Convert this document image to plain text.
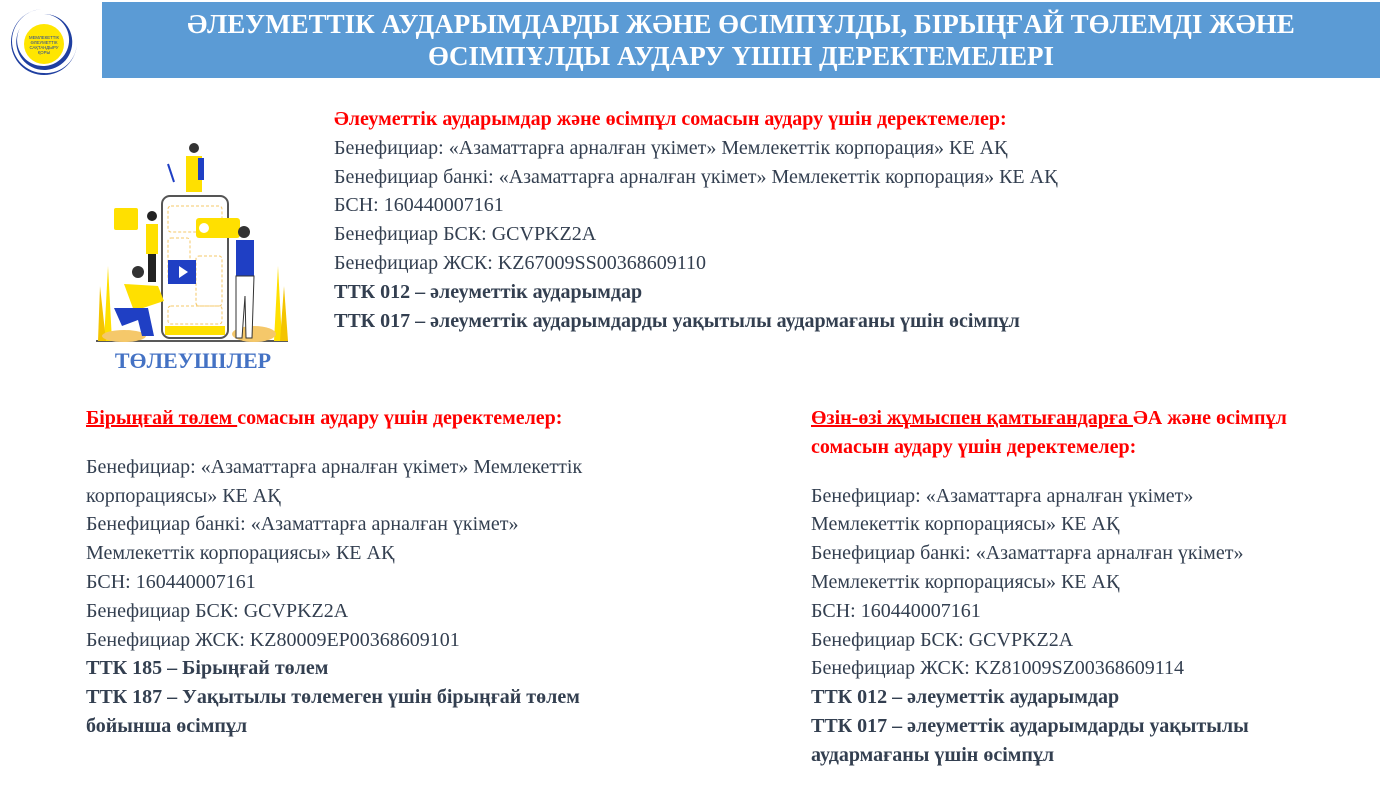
МЕМЛЕКЕТТІК
ӘЛЕУМЕТТІК
САҚТАНДЫРУ
ҚОРЫ
ӘЛЕУМЕТТІК АУДАРЫМДАРДЫ ЖӘНЕ ӨСІМПҰЛДЫ, БІРЫҢҒАЙ ТӨЛЕМДІ ЖӘНЕ
ӨСІМПҰЛДЫ АУДАРУ ҮШІН ДЕРЕКТЕМЕЛЕРІ
ТӨЛЕУШІЛЕР
Әлеуметтік аударымдар және өсімпұл сомасын аудару үшін деректемелер:
Бенефициар: «Азаматтарға арналған үкімет» Мемлекеттік корпорация» КЕ АҚ
Бенефициар банкі: «Азаматтарға арналған үкімет» Мемлекеттік корпорация» КЕ АҚ
БСН: 160440007161
Бенефициар БСК: GCVPKZ2A
Бенефициар ЖСК: KZ67009SS00368609110
ТТК 012 – әлеуметтік аударымдар
ТТК 017 – әлеуметтік аударымдарды уақытылы аудармағаны үшін өсімпұл
Бірыңғай төлем сомасын аудару үшін деректемелер:
Бенефициар: «Азаматтарға арналған үкімет» Мемлекеттік
корпорациясы» КЕ АҚ
Бенефициар банкі: «Азаматтарға арналған үкімет»
Мемлекеттік корпорациясы» КЕ АҚ
БСН: 160440007161
Бенефициар БСК: GCVPKZ2A
Бенефициар ЖСК: KZ80009EP00368609101
ТТК 185 – Бірыңғай төлем
ТТК 187 – Уақытылы төлемеген үшін бірыңғай төлем
бойынша өсімпұл
Өзін-өзі жұмыспен қамтығандарға ӘА және өсімпұл
сомасын аудару үшін деректемелер:
Бенефициар: «Азаматтарға арналған үкімет»
Мемлекеттік корпорациясы» КЕ АҚ
Бенефициар банкі: «Азаматтарға арналған үкімет»
Мемлекеттік корпорациясы» КЕ АҚ
БСН: 160440007161
Бенефициар БСК: GCVPKZ2A
Бенефициар ЖСК: KZ81009SZ00368609114
ТТК 012 – әлеуметтік аударымдар
ТТК 017 – әлеуметтік аударымдарды уақытылы
аудармағаны үшін өсімпұл
